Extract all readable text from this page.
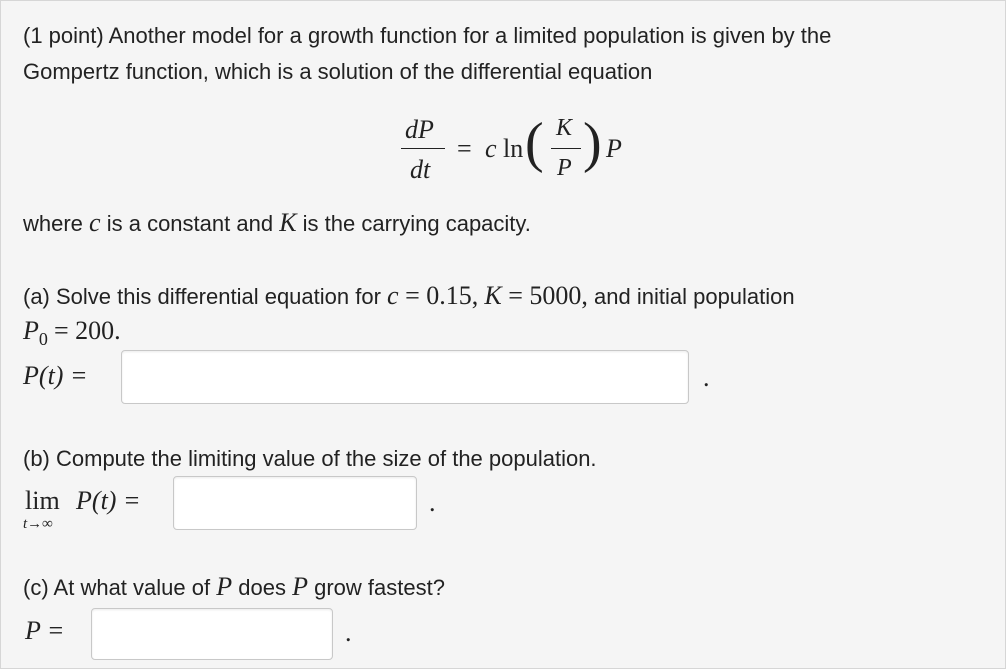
(1 point) Another model for a growth function for a limited population is given by the
Gompertz function, which is a solution of the differential equation
dP
dt
= c ln ( K
P ) P
where c is a constant and K is the carrying capacity.
(a) Solve this differential equation for c = 0.15, K = 5000, and initial population
$P_0 = 200$.
P(t) =	.
(b) Compute the limiting value of the size of the population.
lim
t→∞
P(t) =	.
(c) At what value of P does P grow fastest?
P =	.
